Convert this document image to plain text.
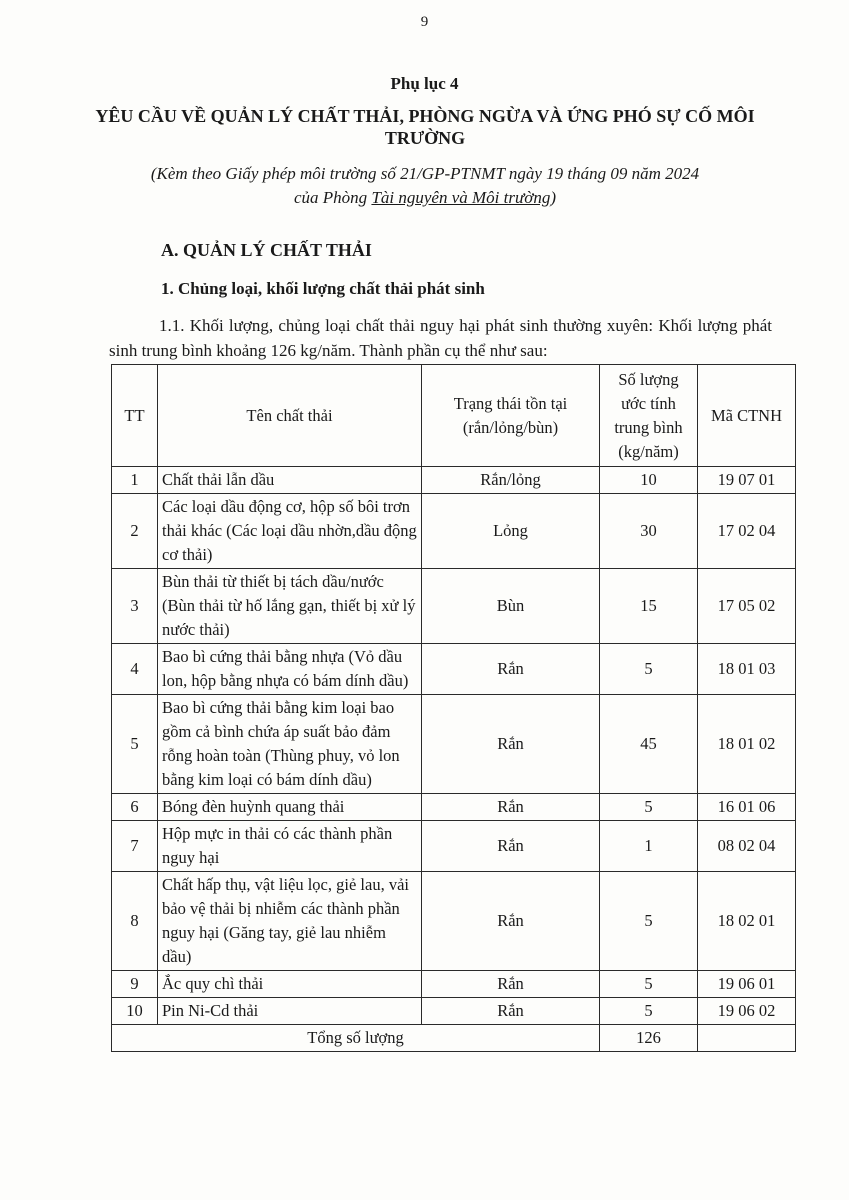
9
Phụ lục 4
YÊU CẦU VỀ QUẢN LÝ CHẤT THẢI, PHÒNG NGỪA VÀ ỨNG PHÓ SỰ CỐ MÔI TRƯỜNG
(Kèm theo Giấy phép môi trường số 21/GP-PTNMT ngày 19 tháng 09 năm 2024
của Phòng Tài nguyên và Môi trường)
A. QUẢN LÝ CHẤT THẢI
1. Chủng loại, khối lượng chất thải phát sinh
1.1. Khối lượng, chủng loại chất thải nguy hại phát sinh thường xuyên: Khối lượng phát sinh trung bình khoảng 126 kg/năm. Thành phần cụ thể như sau:
TT	Tên chất thải	Trạng thái tồn tại (rắn/lỏng/bùn)	Số lượng ước tính trung bình (kg/năm)	Mã CTNH
1	Chất thải lẫn dầu	Rắn/lỏng	10	19 07 01
2	Các loại dầu động cơ, hộp số bôi trơn thải khác (Các loại dầu nhờn,dầu động cơ thải)	Lỏng	30	17 02 04
3	Bùn thải từ thiết bị tách dầu/nước (Bùn thải từ hố lắng gạn, thiết bị xử lý nước thải)	Bùn	15	17 05 02
4	Bao bì cứng thải bằng nhựa (Vỏ dầu lon, hộp bằng nhựa có bám dính dầu)	Rắn	5	18 01 03
5	Bao bì cứng thải bằng kim loại bao gồm cả bình chứa áp suất bảo đảm rỗng hoàn toàn (Thùng phuy, vỏ lon bằng kim loại có bám dính dầu)	Rắn	45	18 01 02
6	Bóng đèn huỳnh quang thải	Rắn	5	16 01 06
7	Hộp mực in thải có các thành phần nguy hại	Rắn	1	08 02 04
8	Chất hấp thụ, vật liệu lọc, giẻ lau, vải bảo vệ thải bị nhiễm các thành phần nguy hại (Găng tay, giẻ lau nhiễm dầu)	Rắn	5	18 02 01
9	Ắc quy chì thải	Rắn	5	19 06 01
10	Pin Ni-Cd thải	Rắn	5	19 06 02
Tổng số lượng			126	
